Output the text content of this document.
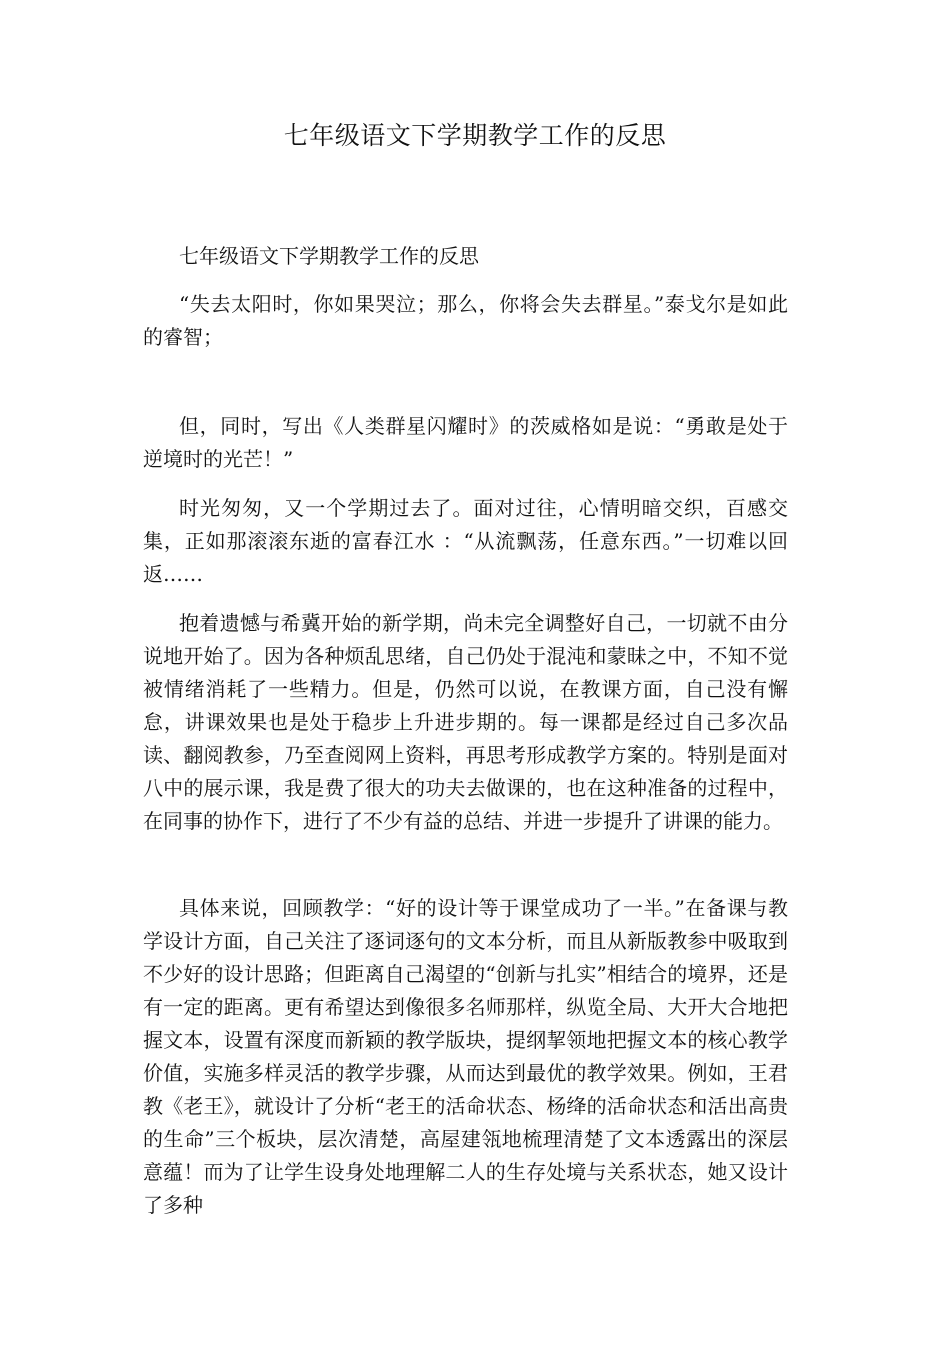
七年级语文下学期教学工作的反思

七年级语文下学期教学工作的反思

“失去太阳时，你如果哭泣；那么，你将会失去群星。”泰戈尔是如此的睿智；

但，同时，写出《人类群星闪耀时》的茨威格如是说：“勇敢是处于逆境时的光芒！”

时光匆匆，又一个学期过去了。面对过往，心情明暗交织，百感交集，正如那滚滚东逝的富春江水 ：“从流飘荡，任意东西。”一切难以回返……

抱着遗憾与希冀开始的新学期，尚未完全调整好自己，一切就不由分说地开始了。因为各种烦乱思绪，自己仍处于混沌和蒙昧之中，不知不觉被情绪消耗了一些精力。但是，仍然可以说，在教课方面，自己没有懈怠，讲课效果也是处于稳步上升进步期的。每一课都是经过自己多次品读、翻阅教参，乃至查阅网上资料，再思考形成教学方案的。特别是面对八中的展示课，我是费了很大的功夫去做课的，也在这种准备的过程中，在同事的协作下，进行了不少有益的总结、并进一步提升了讲课的能力。

具体来说，回顾教学：“好的设计等于课堂成功了一半。”在备课与教学设计方面，自己关注了逐词逐句的文本分析，而且从新版教参中吸取到不少好的设计思路；但距离自己渴望的“创新与扎实”相结合的境界，还是有一定的距离。更有希望达到像很多名师那样，纵览全局、大开大合地把握文本，设置有深度而新颖的教学版块，提纲挈领地把握文本的核心教学价值，实施多样灵活的教学步骤，从而达到最优的教学效果。例如，王君教《老王》，就设计了分析“老王的活命状态、杨绛的活命状态和活出高贵的生命”三个板块，层次清楚，高屋建瓴地梳理清楚了文本透露出的深层意蕴！而为了让学生设身处地理解二人的生存处境与关系状态，她又设计了多种
